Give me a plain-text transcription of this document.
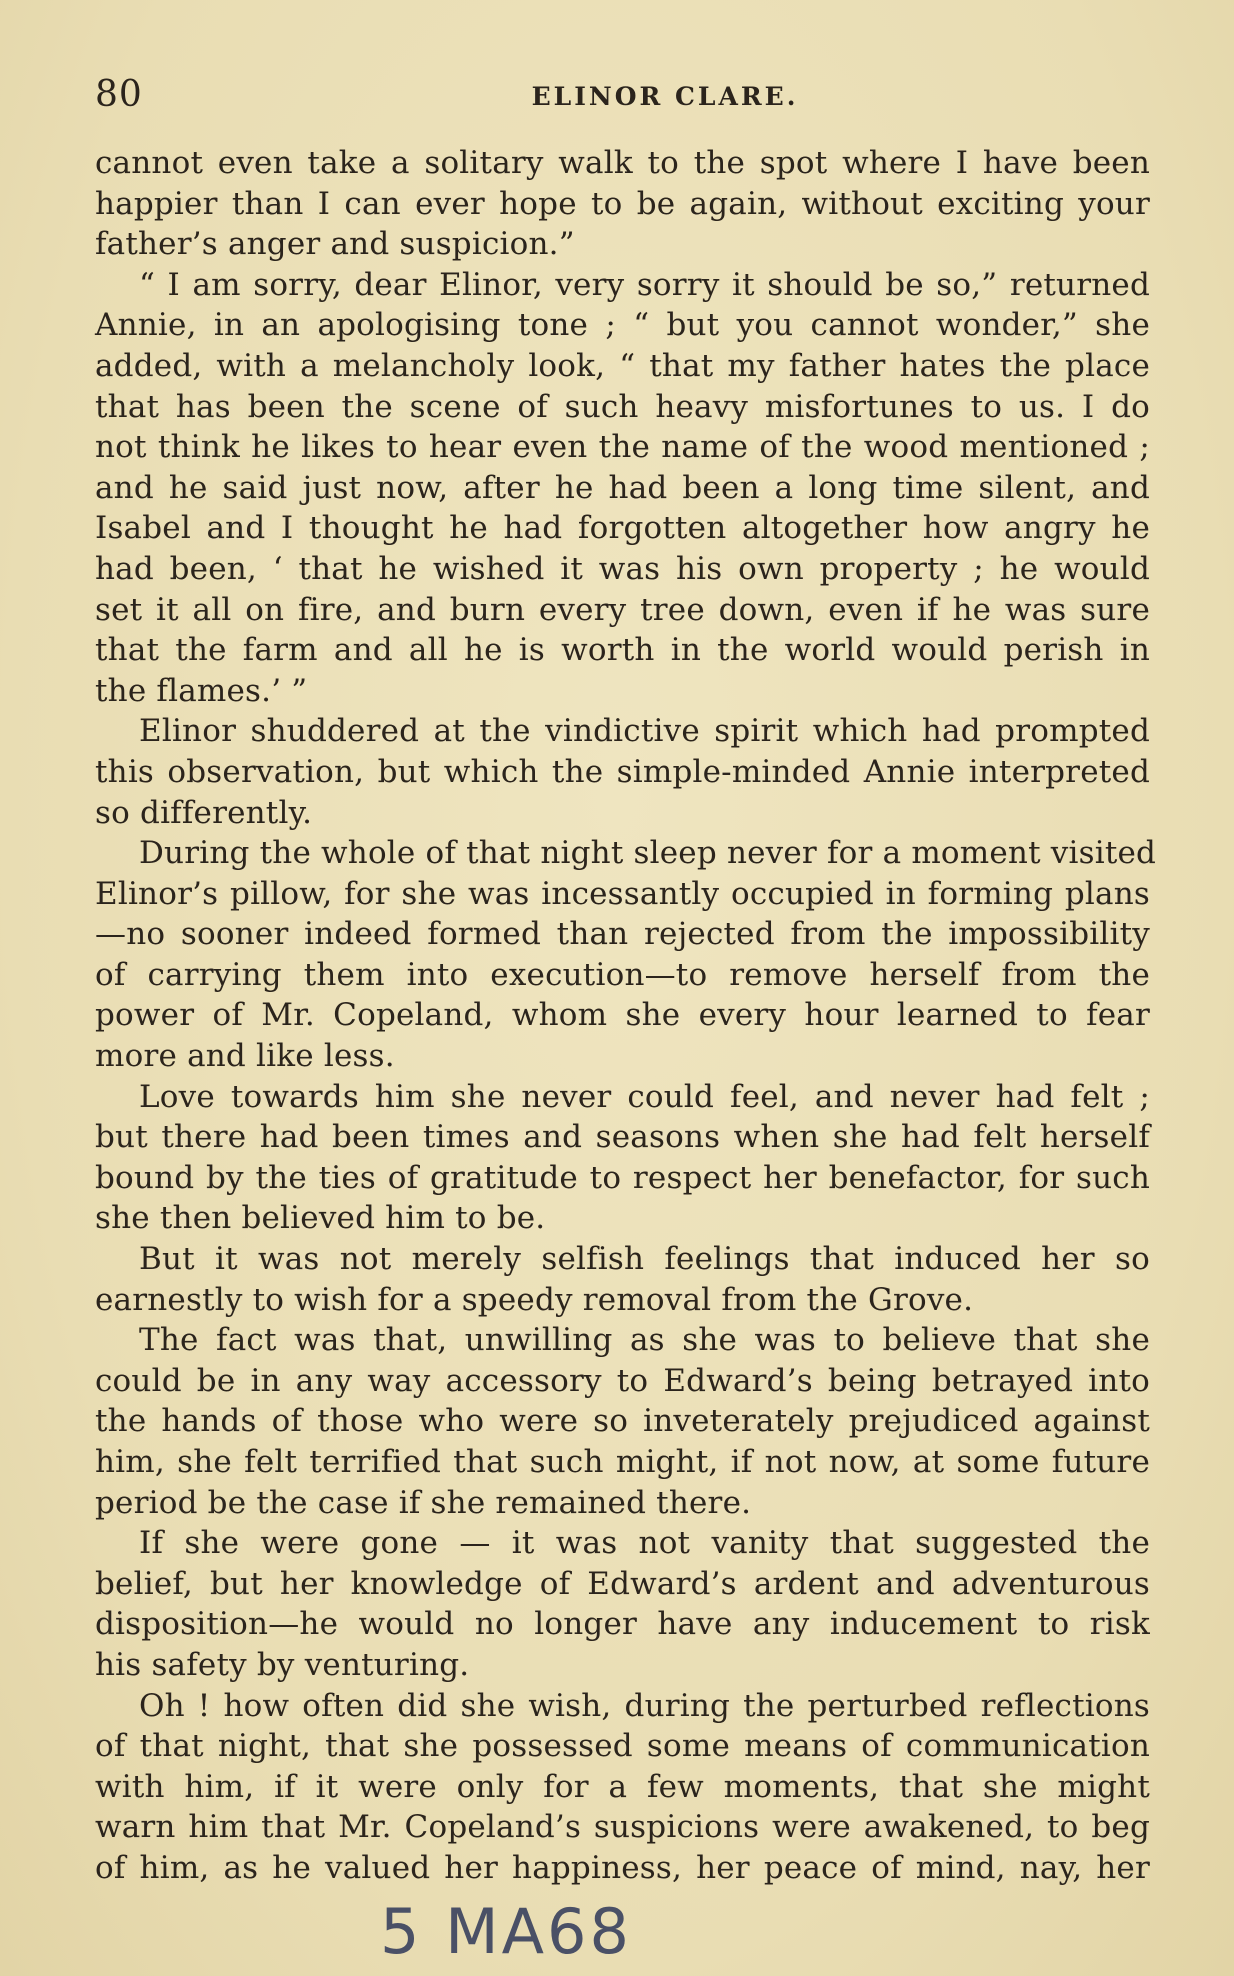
80	ELINOR CLARE.
cannot even take a solitary walk to the spot where I have been
happier than I can ever hope to be again, without exciting your
father’s anger and suspicion.”
“ I am sorry, dear Elinor, very sorry it should be so,” returned
Annie, in an apologising tone ; “ but you cannot wonder,” she
added, with a melancholy look, “ that my father hates the place
that has been the scene of such heavy misfortunes to us. I do
not think he likes to hear even the name of the wood mentioned ;
and he said just now, after he had been a long time silent, and
Isabel and I thought he had forgotten altogether how angry he
had been, ‘ that he wished it was his own property ; he would
set it all on fire, and burn every tree down, even if he was sure
that the farm and all he is worth in the world would perish in
the flames.’ ”
Elinor shuddered at the vindictive spirit which had prompted
this observation, but which the simple-minded Annie interpreted
so differently.
During the whole of that night sleep never for a moment visited
Elinor’s pillow, for she was incessantly occupied in forming plans
—no sooner indeed formed than rejected from the impossibility
of carrying them into execution—to remove herself from the
power of Mr. Copeland, whom she every hour learned to fear
more and like less.
Love towards him she never could feel, and never had felt ;
but there had been times and seasons when she had felt herself
bound by the ties of gratitude to respect her benefactor, for such
she then believed him to be.
But it was not merely selfish feelings that induced her so
earnestly to wish for a speedy removal from the Grove.
The fact was that, unwilling as she was to believe that she
could be in any way accessory to Edward’s being betrayed into
the hands of those who were so inveterately prejudiced against
him, she felt terrified that such might, if not now, at some future
period be the case if she remained there.
If she were gone — it was not vanity that suggested the
belief, but her knowledge of Edward’s ardent and adventurous
disposition—he would no longer have any inducement to risk
his safety by venturing.
Oh ! how often did she wish, during the perturbed reflections
of that night, that she possessed some means of communication
with him, if it were only for a few moments, that she might
warn him that Mr. Copeland’s suspicions were awakened, to beg
of him, as he valued her happiness, her peace of mind, nay, her
5 MA68
